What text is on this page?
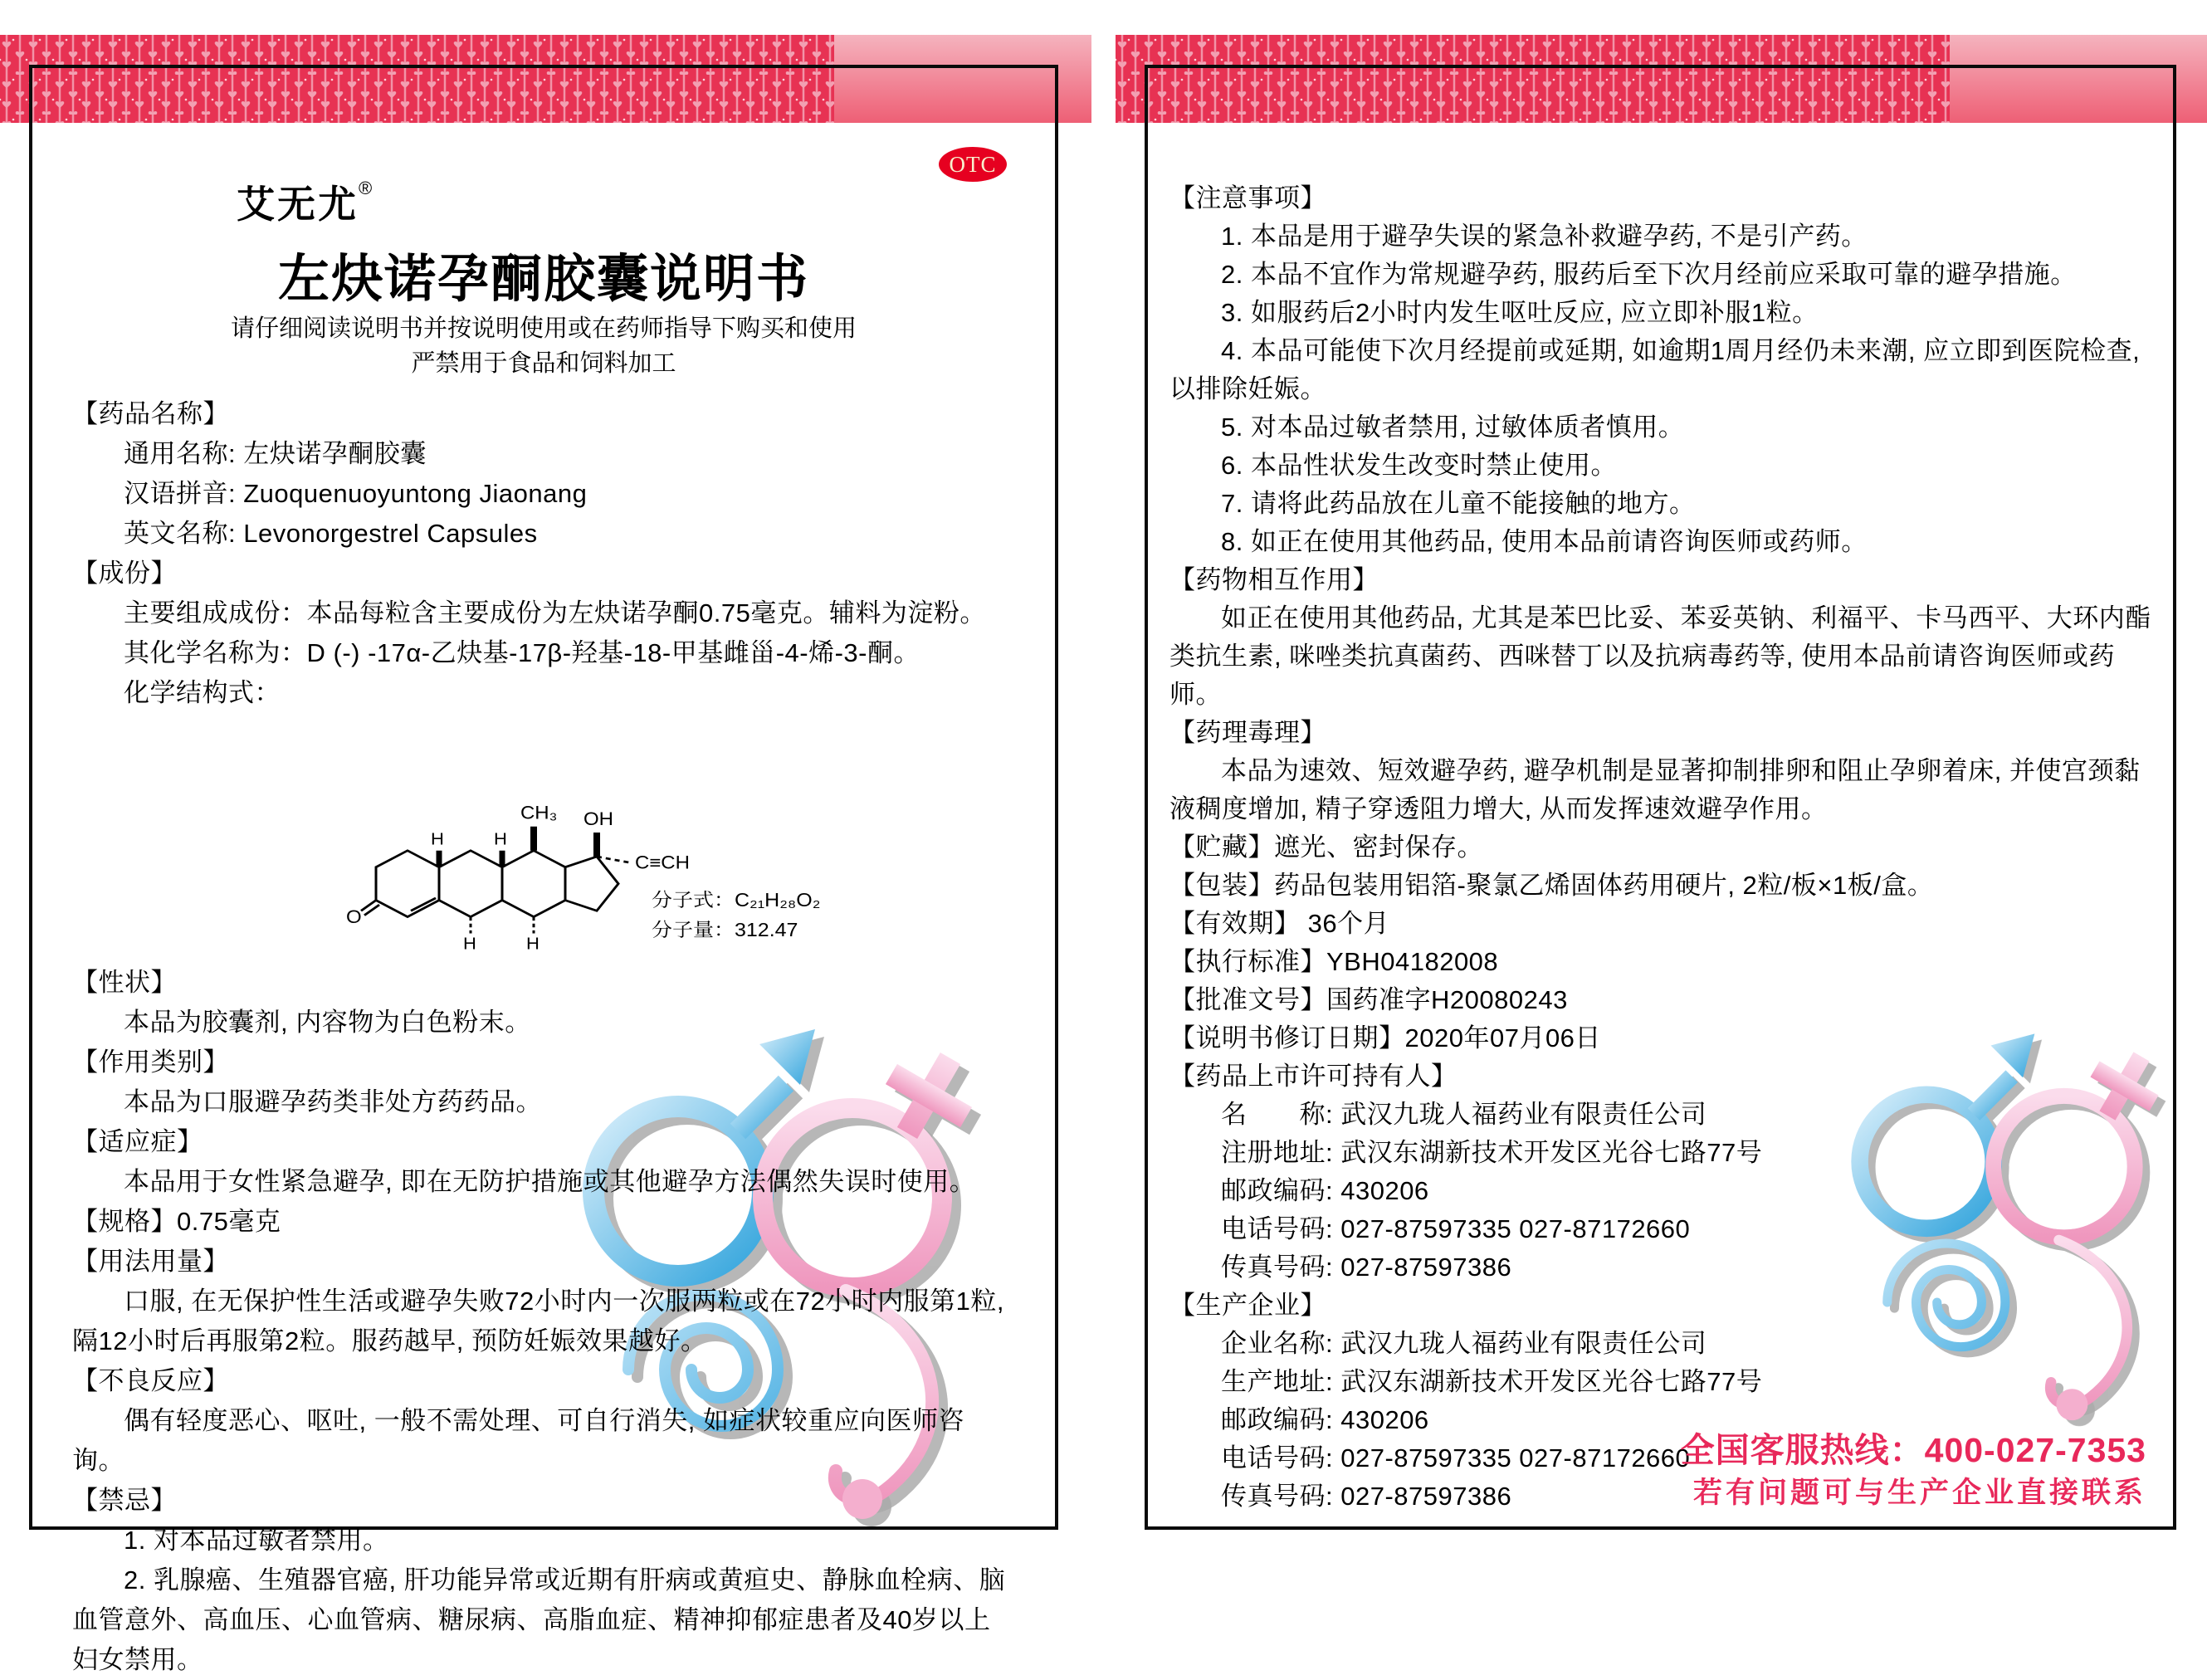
OTC
艾无尤®
左炔诺孕酮胶囊说明书
请仔细阅读说明书并按说明使用或在药师指导下购买和使用
严禁用于食品和饲料加工
【药品名称】
通用名称: 左炔诺孕酮胶囊
汉语拼音: Zuoquenuoyuntong Jiaonang
英文名称: Levonorgestrel Capsules
【成份】
主要组成成份：本品每粒含主要成份为左炔诺孕酮0.75毫克。辅料为淀粉。
其化学名称为：D (-) -17α-乙炔基-17β-羟基-18-甲基雌甾-4-烯-3-酮。
化学结构式：
CH₃ OH
C≡CH
H	H
H	H
O
分子式：C₂₁H₂₈O₂
分子量：312.47
【性状】
本品为胶囊剂, 内容物为白色粉末。
【作用类别】
本品为口服避孕药类非处方药药品。
【适应症】
本品用于女性紧急避孕, 即在无防护措施或其他避孕方法偶然失误时使用。
【规格】0.75毫克
【用法用量】
口服, 在无保护性生活或避孕失败72小时内一次服两粒或在72小时内服第1粒, 隔12小时后再服第2粒。服药越早, 预防妊娠效果越好。
【不良反应】
偶有轻度恶心、呕吐, 一般不需处理、可自行消失, 如症状较重应向医师咨询。
【禁忌】
1. 对本品过敏者禁用。
2. 乳腺癌、生殖器官癌, 肝功能异常或近期有肝病或黄疸史、静脉血栓病、脑血管意外、高血压、心血管病、糖尿病、高脂血症、精神抑郁症患者及40岁以上妇女禁用。
【注意事项】
1. 本品是用于避孕失误的紧急补救避孕药, 不是引产药。
2. 本品不宜作为常规避孕药, 服药后至下次月经前应采取可靠的避孕措施。
3. 如服药后2小时内发生呕吐反应, 应立即补服1粒。
4. 本品可能使下次月经提前或延期, 如逾期1周月经仍未来潮, 应立即到医院检查, 以排除妊娠。
5. 对本品过敏者禁用, 过敏体质者慎用。
6. 本品性状发生改变时禁止使用。
7. 请将此药品放在儿童不能接触的地方。
8. 如正在使用其他药品, 使用本品前请咨询医师或药师。
【药物相互作用】
如正在使用其他药品, 尤其是苯巴比妥、苯妥英钠、利福平、卡马西平、大环内酯类抗生素, 咪唑类抗真菌药、西咪替丁以及抗病毒药等, 使用本品前请咨询医师或药师。
【药理毒理】
本品为速效、短效避孕药, 避孕机制是显著抑制排卵和阻止孕卵着床, 并使宫颈黏液稠度增加, 精子穿透阻力增大, 从而发挥速效避孕作用。
【贮藏】遮光、密封保存。
【包装】药品包装用铝箔-聚氯乙烯固体药用硬片, 2粒/板×1板/盒。
【有效期】 36个月
【执行标准】YBH04182008
【批准文号】国药准字H20080243
【说明书修订日期】2020年07月06日
【药品上市许可持有人】
名　　称: 武汉九珑人福药业有限责任公司
注册地址: 武汉东湖新技术开发区光谷七路77号
邮政编码: 430206
电话号码: 027-87597335 027-87172660
传真号码: 027-87597386
【生产企业】
企业名称: 武汉九珑人福药业有限责任公司
生产地址: 武汉东湖新技术开发区光谷七路77号
邮政编码: 430206
电话号码: 027-87597335 027-87172660
传真号码: 027-87597386
全国客服热线：400-027-7353
若有问题可与生产企业直接联系
